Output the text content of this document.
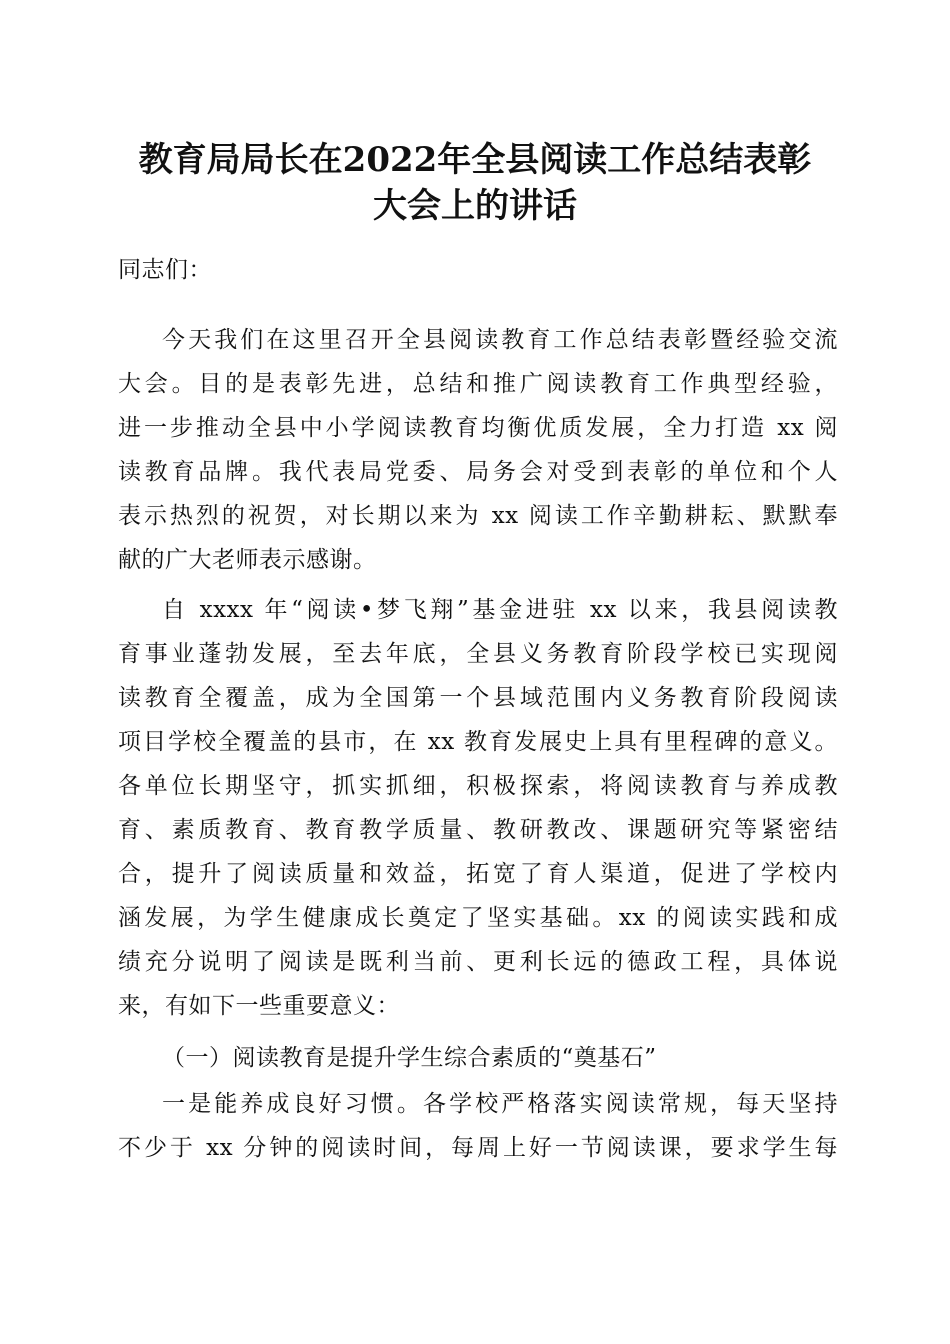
教育局局长在2022年全县阅读工作总结表彰
大会上的讲话
同志们：
今天我们在这里召开全县阅读教育工作总结表彰暨经验交流
大会。目的是表彰先进，总结和推广阅读教育工作典型经验，
进一步推动全县中小学阅读教育均衡优质发展，全力打造 xx 阅
读教育品牌。我代表局党委、局务会对受到表彰的单位和个人
表示热烈的祝贺，对长期以来为 xx 阅读工作辛勤耕耘、默默奉
献的广大老师表示感谢。
自 xxxx 年“阅读•梦飞翔”基金进驻 xx 以来，我县阅读教
育事业蓬勃发展，至去年底，全县义务教育阶段学校已实现阅
读教育全覆盖，成为全国第一个县域范围内义务教育阶段阅读
项目学校全覆盖的县市，在 xx 教育发展史上具有里程碑的意义。
各单位长期坚守，抓实抓细，积极探索，将阅读教育与养成教
育、素质教育、教育教学质量、教研教改、课题研究等紧密结
合，提升了阅读质量和效益，拓宽了育人渠道，促进了学校内
涵发展，为学生健康成长奠定了坚实基础。xx 的阅读实践和成
绩充分说明了阅读是既利当前、更利长远的德政工程，具体说
来，有如下一些重要意义：
（一）阅读教育是提升学生综合素质的“奠基石”
一是能养成良好习惯。各学校严格落实阅读常规，每天坚持
不少于 xx 分钟的阅读时间，每周上好一节阅读课，要求学生每
